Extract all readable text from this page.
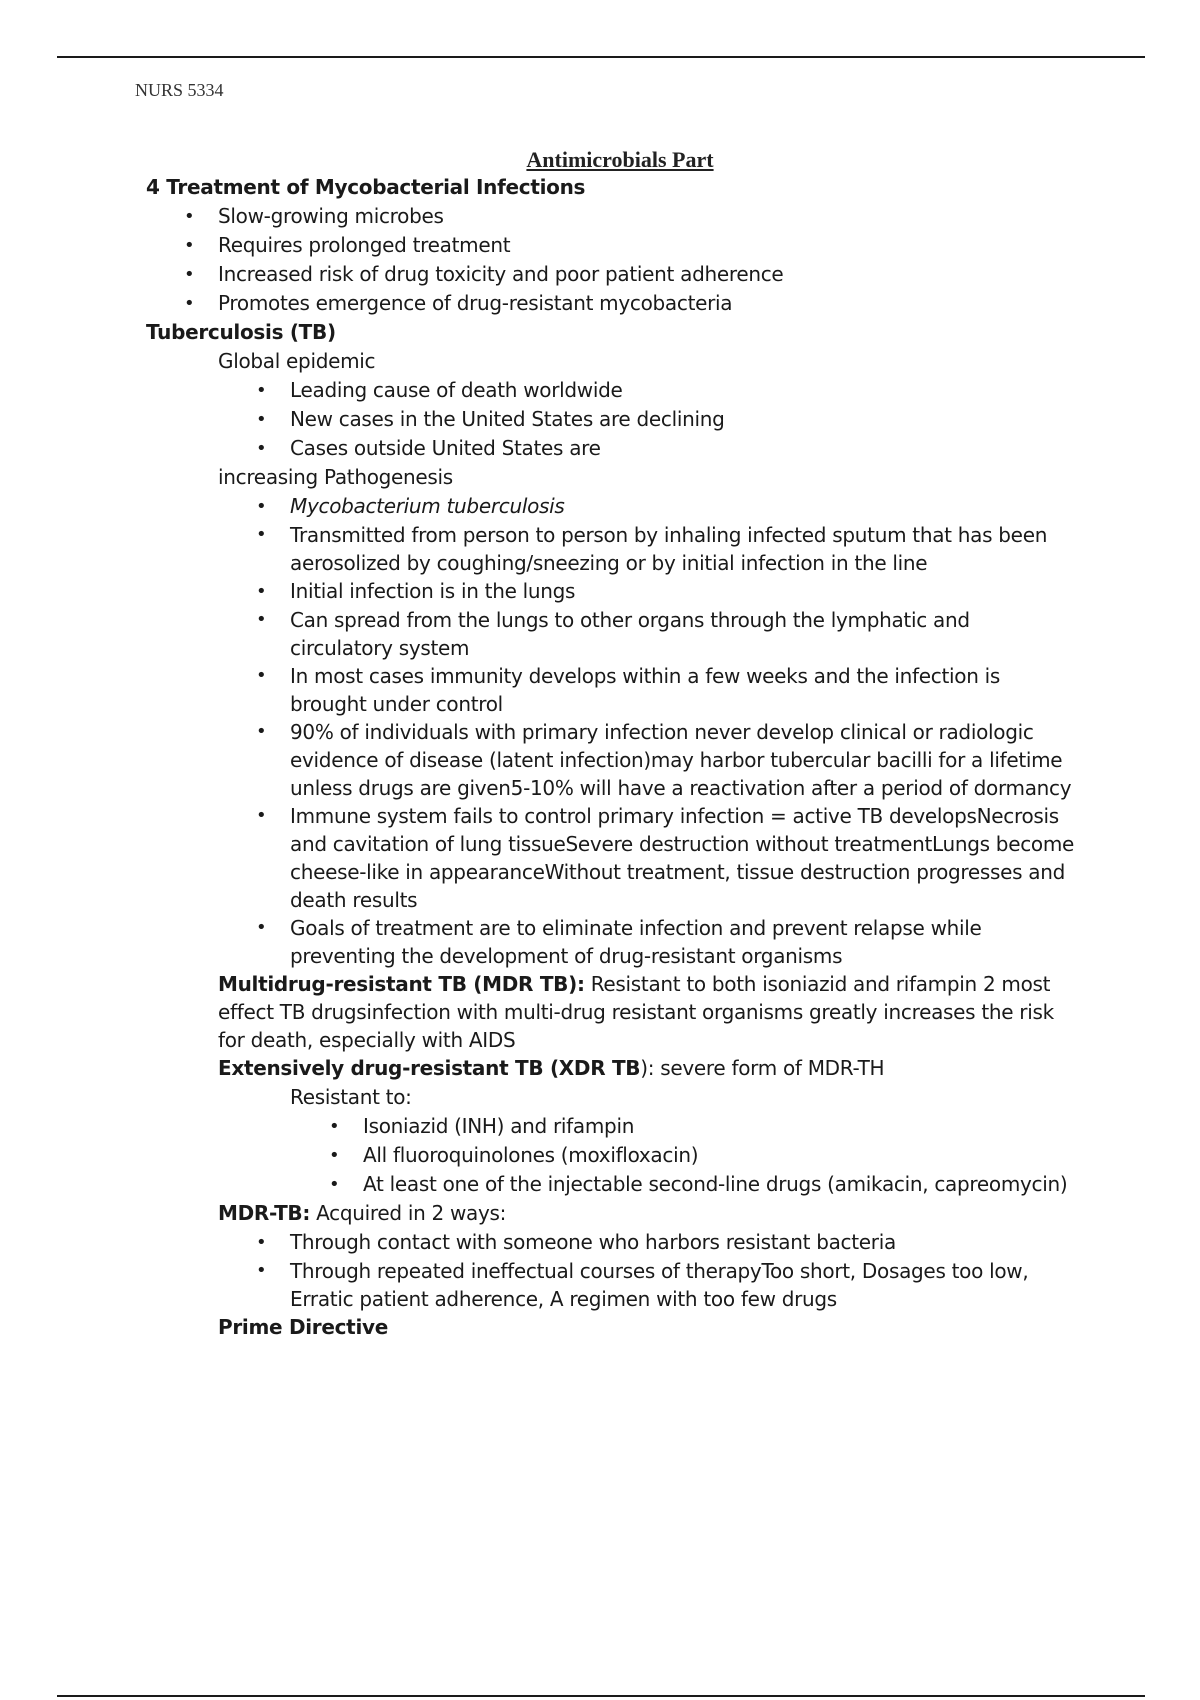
NURS 5334
Antimicrobials Part

4 Treatment of Mycobacterial Infections

• Slow-growing microbes

• Requires prolonged treatment

• Increased risk of drug toxicity and poor patient adherence

• Promotes emergence of drug-resistant mycobacteria

Tuberculosis (TB)

Global epidemic

• Leading cause of death worldwide

• New cases in the United States are declining

• Cases outside United States are

increasing Pathogenesis

• Mycobacterium tuberculosis

• Transmitted from person to person by inhaling infected sputum that has been aerosolized by coughing/sneezing or by initial infection in the line

• Initial infection is in the lungs

• Can spread from the lungs to other organs through the lymphatic and circulatory system

• In most cases immunity develops within a few weeks and the infection is brought under control

• 90% of individuals with primary infection never develop clinical or radiologic evidence of disease (latent infection)may harbor tubercular bacilli for a lifetime unless drugs are given5-10% will have a reactivation after a period of dormancy

• Immune system fails to control primary infection = active TB developsNecrosis and cavitation of lung tissueSevere destruction without treatmentLungs become cheese-like in appearanceWithout treatment, tissue destruction progresses and death results

• Goals of treatment are to eliminate infection and prevent relapse while preventing the development of drug-resistant organisms

Multidrug-resistant TB (MDR TB): Resistant to both isoniazid and rifampin 2 most effect TB drugsinfection with multi-drug resistant organisms greatly increases the risk for death, especially with AIDS

Extensively drug-resistant TB (XDR TB): severe form of MDR-TH

Resistant to:

• Isoniazid (INH) and rifampin

• All fluoroquinolones (moxifloxacin)

• At least one of the injectable second-line drugs (amikacin, capreomycin)

MDR-TB: Acquired in 2 ways:

• Through contact with someone who harbors resistant bacteria

• Through repeated ineffectual courses of therapyToo short, Dosages too low, Erratic patient adherence, A regimen with too few drugs

Prime Directive
